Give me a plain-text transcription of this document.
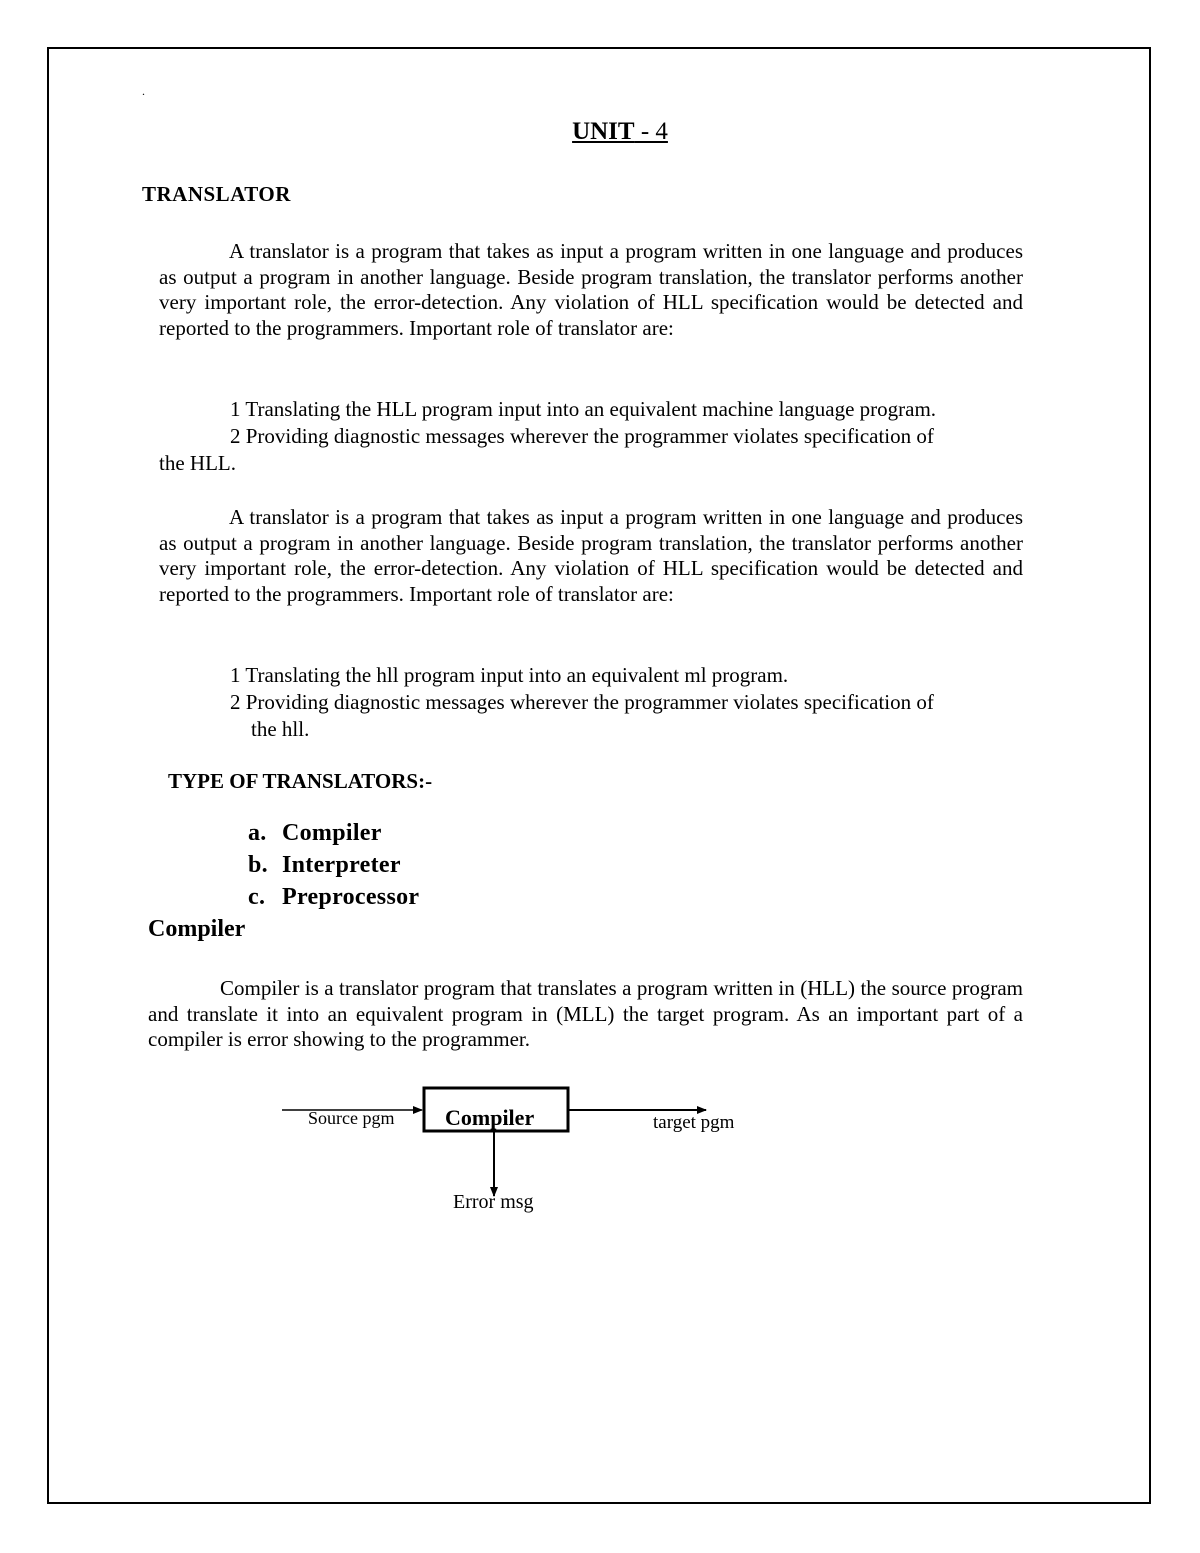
.
UNIT - 4
TRANSLATOR
A translator is a program that takes as input a program written in one language and produces as output a program in another language. Beside program translation, the translator performs another very important role, the error-detection. Any violation of HLL specification would be detected and reported to the programmers. Important role of translator are:
1 Translating the HLL program input into an equivalent machine language program.
2 Providing diagnostic messages wherever the programmer violates specification of
the HLL.
A translator is a program that takes as input a program written in one language and produces as output a program in another language. Beside program translation, the translator performs another very important role, the error-detection. Any violation of HLL specification would be detected and reported to the programmers. Important role of translator are:
1 Translating the hll program input into an equivalent ml program.
2 Providing diagnostic messages wherever the programmer violates specification of
the hll.
TYPE OF TRANSLATORS:-
a. Compiler
b. Interpreter
c. Preprocessor
Compiler
Compiler is a translator program that translates a program written in (HLL) the source program and translate it into an equivalent program in (MLL) the target program. As an important part of a compiler is error showing to the programmer.
Source pgm Compiler	target pgm
Error msg
